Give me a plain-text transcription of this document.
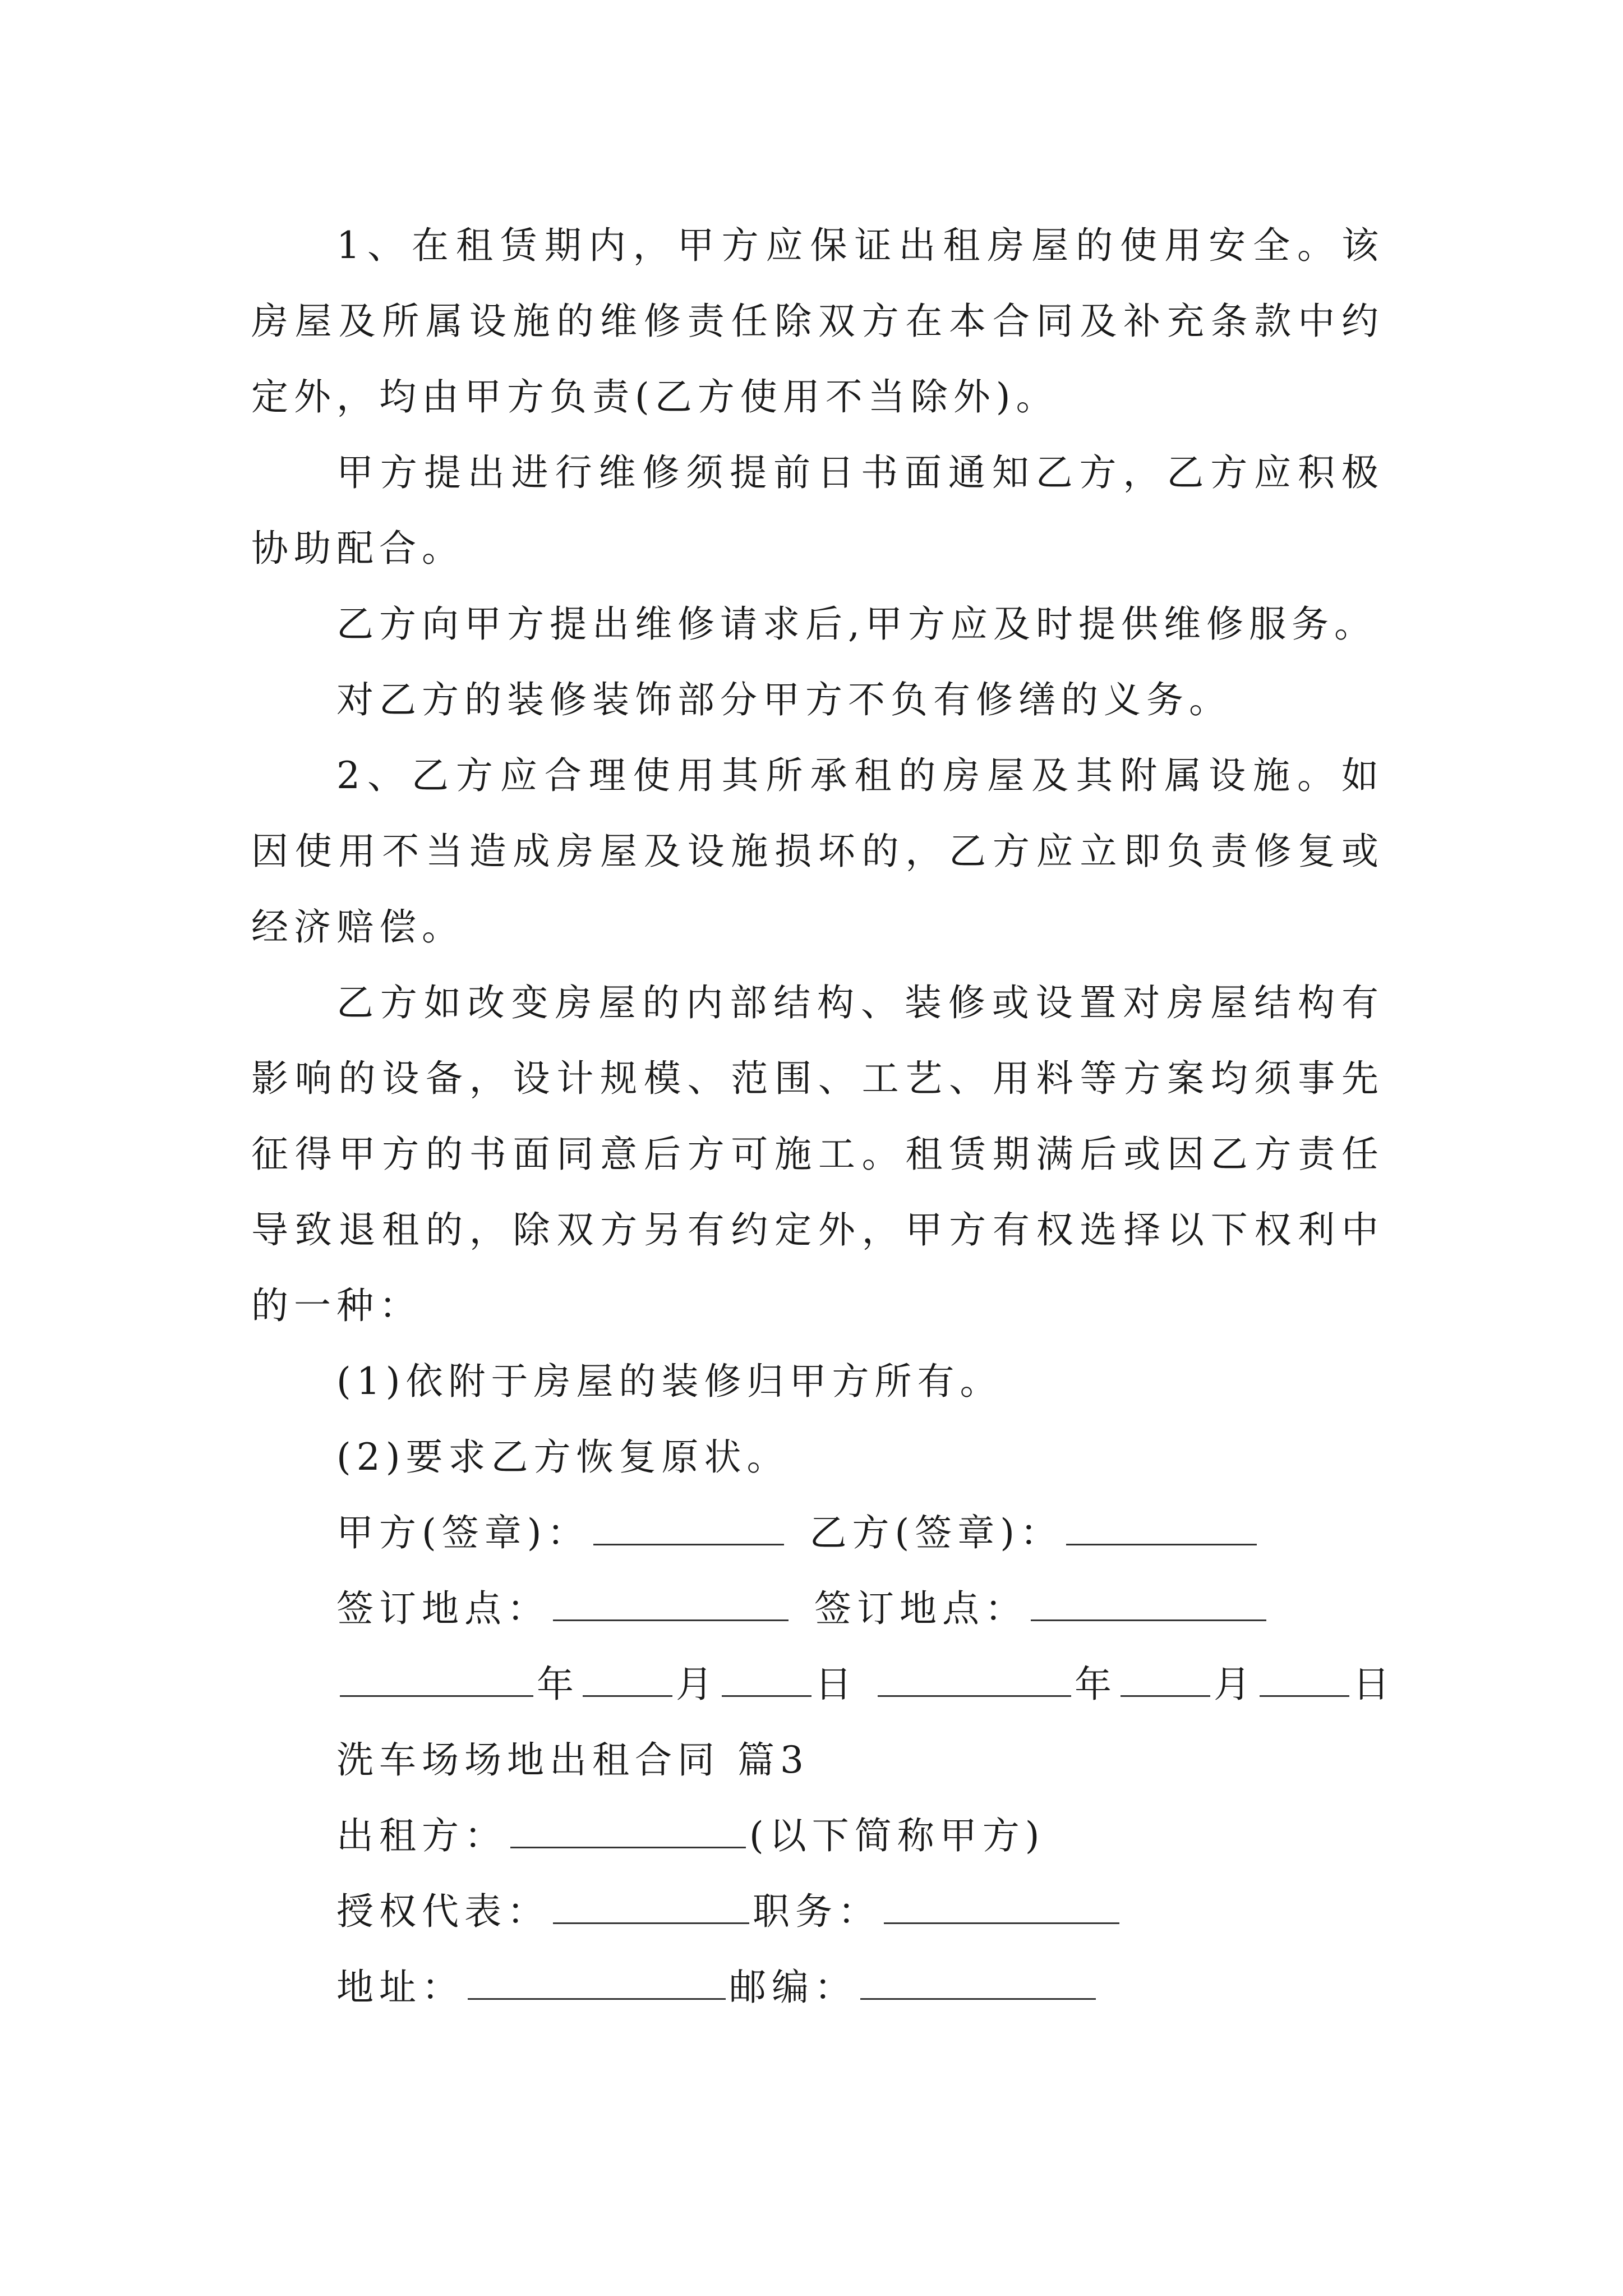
1、在租赁期内，甲方应保证出租房屋的使用安全。该房屋及所属设施的维修责任除双方在本合同及补充条款中约定外，均由甲方负责(乙方使用不当除外)。

甲方提出进行维修须提前日书面通知乙方，乙方应积极协助配合。

乙方向甲方提出维修请求后,甲方应及时提供维修服务。

对乙方的装修装饰部分甲方不负有修缮的义务。

2、乙方应合理使用其所承租的房屋及其附属设施。如因使用不当造成房屋及设施损坏的，乙方应立即负责修复或经济赔偿。

乙方如改变房屋的内部结构、装修或设置对房屋结构有影响的设备，设计规模、范围、工艺、用料等方案均须事先征得甲方的书面同意后方可施工。租赁期满后或因乙方责任导致退租的，除双方另有约定外，甲方有权选择以下权利中的一种：

(1)依附于房屋的装修归甲方所有。

(2)要求乙方恢复原状。

甲方(签章)：	乙方(签章)：
签订地点：	签订地点：
年	月	日	年	月	日
洗车场场地出租合同 篇3
出租方：	(以下简称甲方)
授权代表：	职务：
地址：	邮编：
